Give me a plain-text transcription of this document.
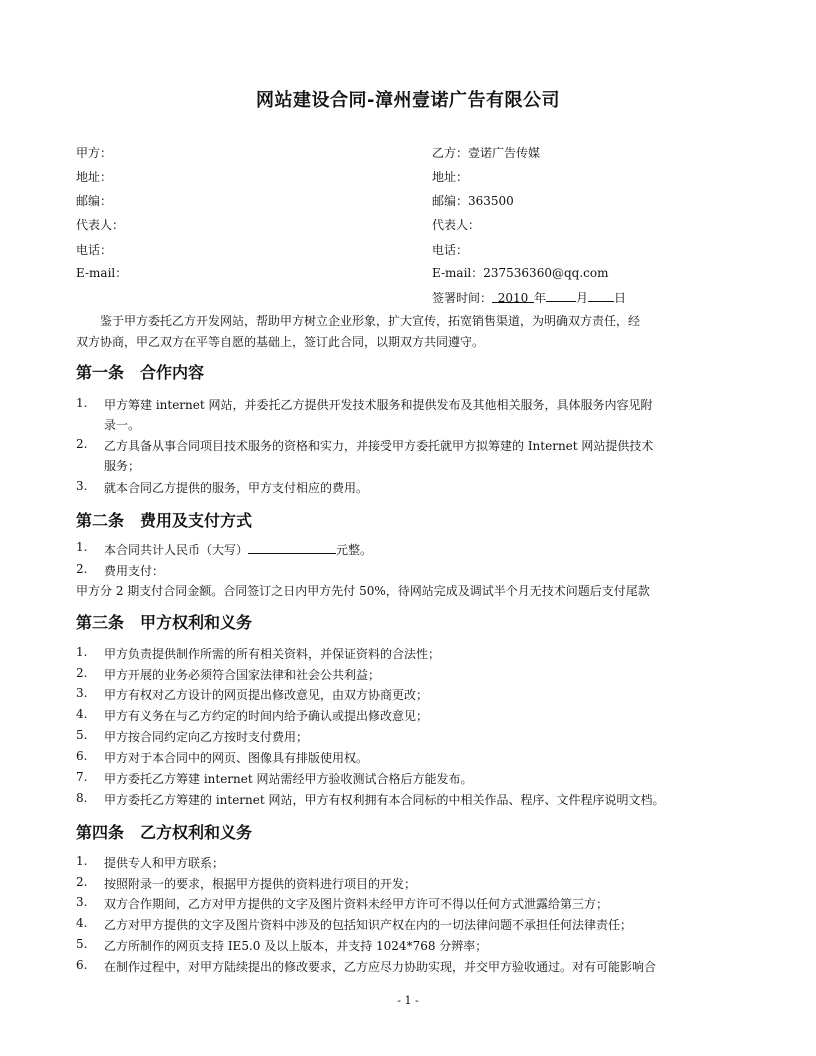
网站建设合同-漳州壹诺广告有限公司
甲方：
地址：
邮编：
代表人：
电话：
E-mail：
乙方：壹诺广告传媒
地址：
邮编：363500
代表人：
电话：
E-mail：237536360@qq.com
签署时间： 2010 年	月 日
鉴于甲方委托乙方开发网站，帮助甲方树立企业形象，扩大宣传，拓宽销售渠道，为明确双方责任，经
双方协商，甲乙双方在平等自愿的基础上，签订此合同，以期双方共同遵守。
第一条　合作内容
1. 甲方筹建 internet 网站，并委托乙方提供开发技术服务和提供发布及其他相关服务，具体服务内容见附
录一。
2. 乙方具备从事合同项目技术服务的资格和实力，并接受甲方委托就甲方拟筹建的 Internet 网站提供技术
服务；
3. 就本合同乙方提供的服务，甲方支付相应的费用。
第二条　费用及支付方式
1. 本合同共计人民币（大写）	元整。
2. 费用支付：
甲方分 2 期支付合同金额。合同签订之日内甲方先付 50%，待网站完成及调试半个月无技术问题后支付尾款
第三条　甲方权利和义务
1. 甲方负责提供制作所需的所有相关资料，并保证资料的合法性；
2. 甲方开展的业务必须符合国家法律和社会公共利益；
3. 甲方有权对乙方设计的网页提出修改意见，由双方协商更改；
4. 甲方有义务在与乙方约定的时间内给予确认或提出修改意见；
5. 甲方按合同约定向乙方按时支付费用；
6. 甲方对于本合同中的网页、图像具有排版使用权。
7. 甲方委托乙方筹建 internet 网站需经甲方验收测试合格后方能发布。
8. 甲方委托乙方筹建的 internet 网站，甲方有权利拥有本合同标的中相关作品、程序、文件程序说明文档。
第四条　乙方权利和义务
1. 提供专人和甲方联系；
2. 按照附录一的要求，根据甲方提供的资料进行项目的开发；
3. 双方合作期间，乙方对甲方提供的文字及图片资料未经甲方许可不得以任何方式泄露给第三方；
4. 乙方对甲方提供的文字及图片资料中涉及的包括知识产权在内的一切法律问题不承担任何法律责任；
5. 乙方所制作的网页支持 IE5.0 及以上版本，并支持 1024*768 分辨率；
6. 在制作过程中，对甲方陆续提出的修改要求，乙方应尽力协助实现，并交甲方验收通过。对有可能影响合
- 1 -
